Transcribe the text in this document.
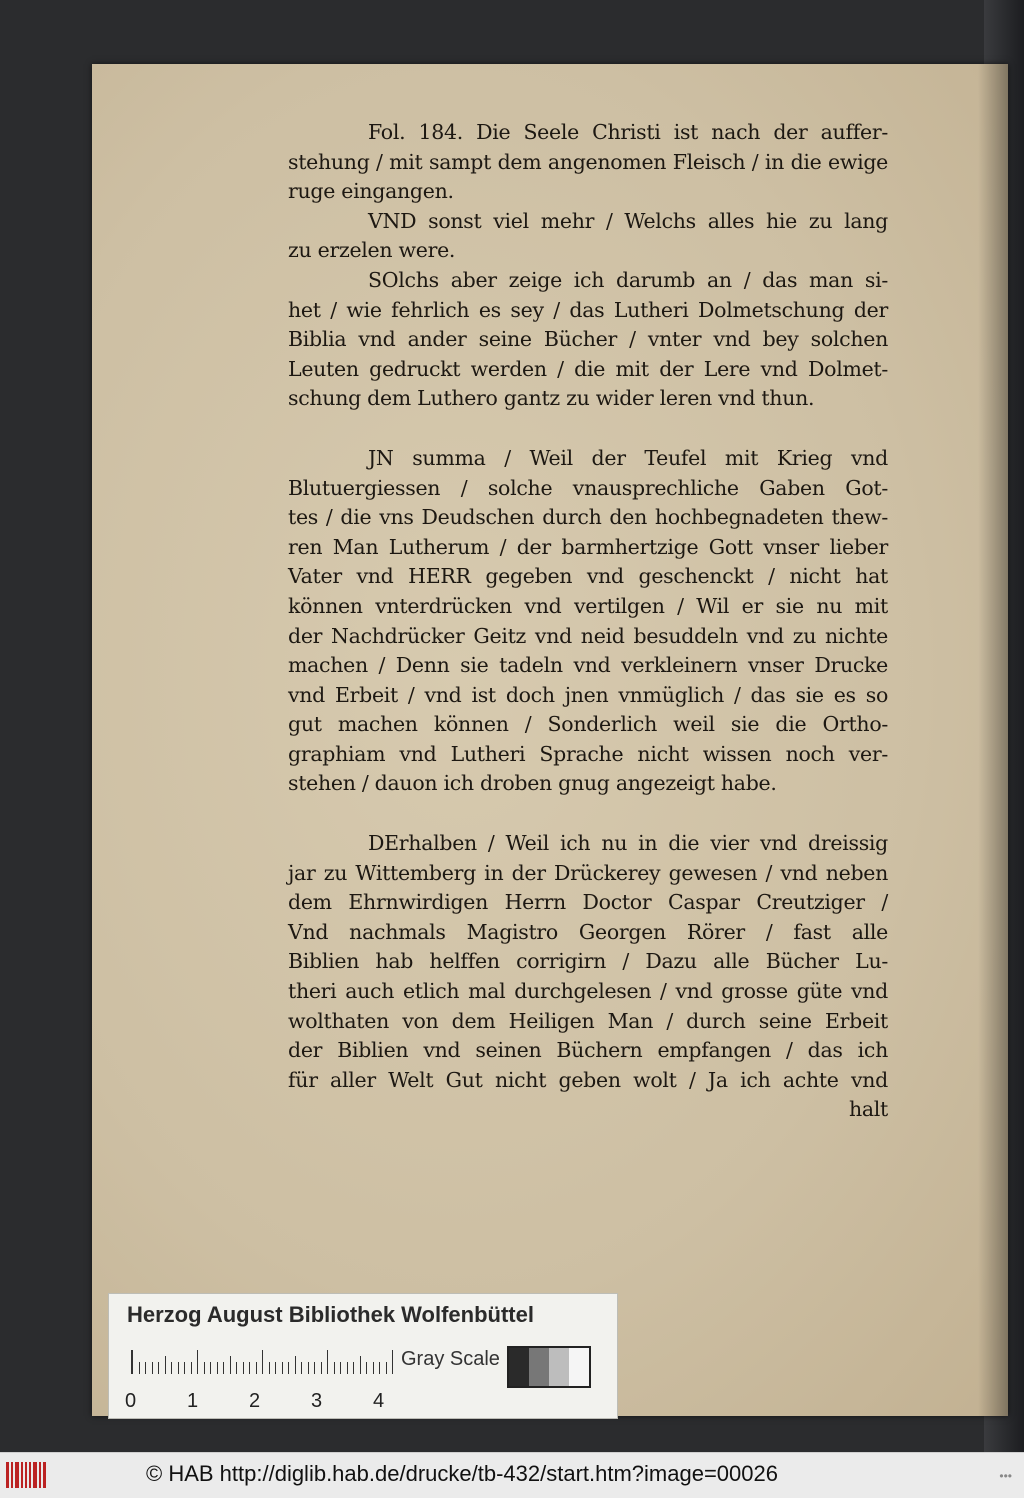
Fol. 184. Die Seele Christi ist nach der auffer-
stehung / mit sampt dem angenomen Fleisch / in die ewige
ruge eingangen.
VND sonst viel mehr / Welchs alles hie zu lang
zu erzelen were.
SOlchs aber zeige ich darumb an / das man si-
het / wie fehrlich es sey / das Lutheri Dolmetschung der
Biblia vnd ander seine Bücher / vnter vnd bey solchen
Leuten gedruckt werden / die mit der Lere vnd Dolmet-
schung dem Luthero gantz zu wider leren vnd thun.
JN summa / Weil der Teufel mit Krieg vnd
Blutuergiessen / solche vnausprechliche Gaben Got-
tes / die vns Deudschen durch den hochbegnadeten thew-
ren Man Lutherum / der barmhertzige Gott vnser lieber
Vater vnd HERR gegeben vnd geschenckt / nicht hat
können vnterdrücken vnd vertilgen / Wil er sie nu mit
der Nachdrücker Geitz vnd neid besuddeln vnd zu nichte
machen / Denn sie tadeln vnd verkleinern vnser Drucke
vnd Erbeit / vnd ist doch jnen vnmüglich / das sie es so
gut machen können / Sonderlich weil sie die Ortho-
graphiam vnd Lutheri Sprache nicht wissen noch ver-
stehen / dauon ich droben gnug angezeigt habe.
DErhalben / Weil ich nu in die vier vnd dreissig
jar zu Wittemberg in der Drückerey gewesen / vnd neben
dem Ehrnwirdigen Herrn Doctor Caspar Creutziger /
Vnd nachmals Magistro Georgen Rörer / fast alle
Biblien hab helffen corrigirn / Dazu alle Bücher Lu-
theri auch etlich mal durchgelesen / vnd grosse güte vnd
wolthaten von dem Heiligen Man / durch seine Erbeit
der Biblien vnd seinen Büchern empfangen / das ich
für aller Welt Gut nicht geben wolt / Ja ich achte vnd
halt
Herzog August Bibliothek Wolfenbüttel
Gray Scale
0	1	2	3	4
© HAB http://diglib.hab.de/drucke/tb-432/start.htm?image=00026	•••
